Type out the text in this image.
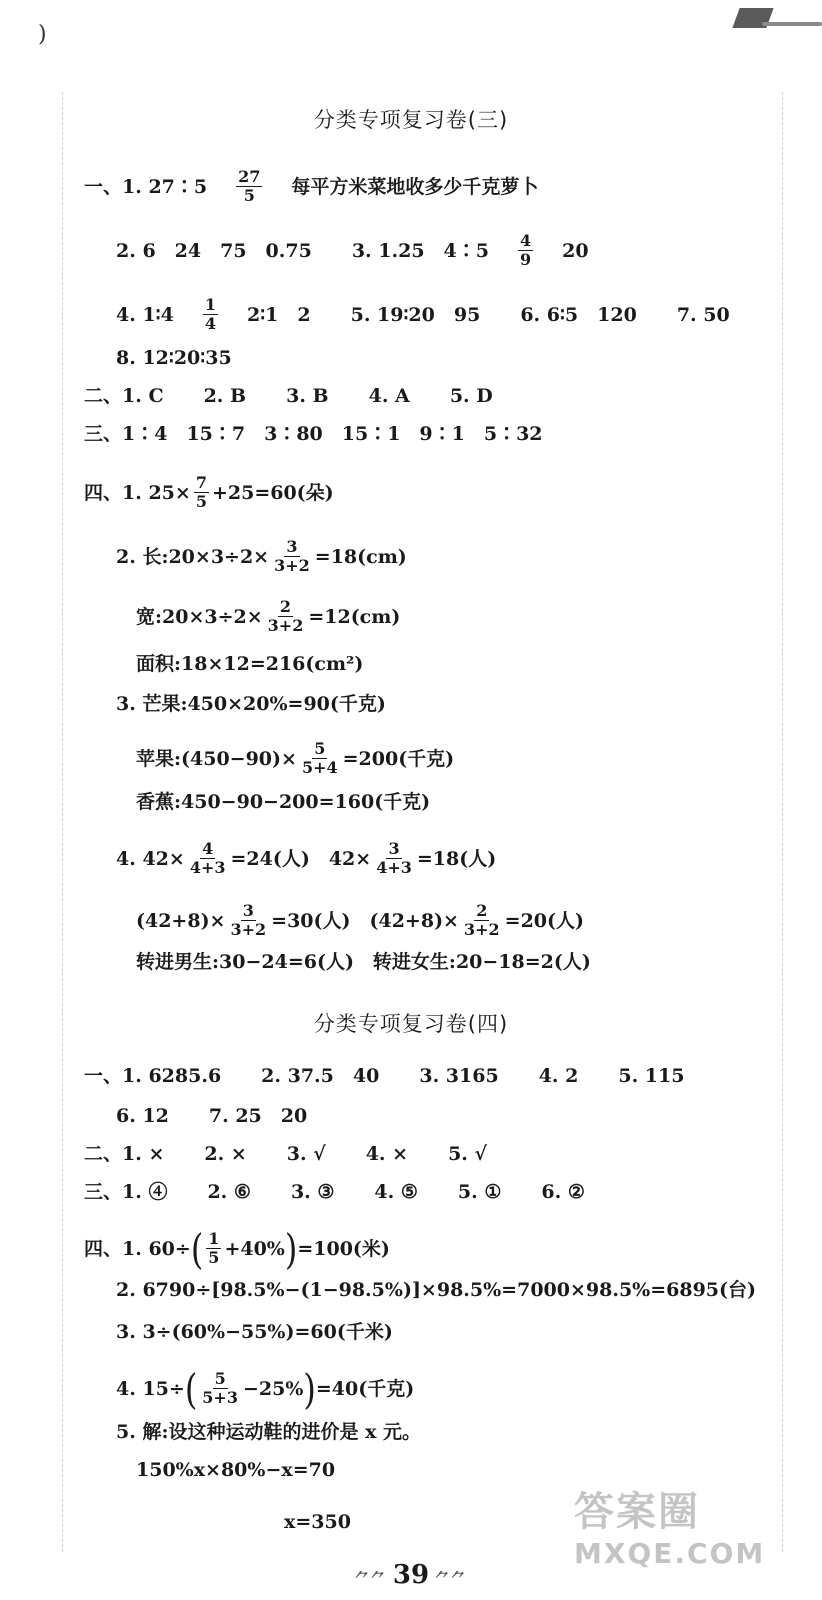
)
分类专项复习卷(三)
一、1. 27∶5 $\frac{27}{5}$ 每平方米菜地收多少千克萝卜
2. 6　24　75　0.75 3. 1.25　4∶5 $\frac{4}{9} 20$
4. 1∶4 $\frac{1}{4}$ 2∶1　2 5. 19∶20　95 6. 6∶5　120 7. 50
8. 12∶20∶35
二、1. C 2. B 3. B 4. A 5. D
三、1∶4　15∶7　3∶80　15∶1　9∶1　5∶32
四、1. $25\times \frac{7}{5} +25=60$(朵)
2. 长:20×3÷2× $\frac{3}{3+2} =18(cm)$
宽:20×3÷2× $\frac{2}{3+2} =12(cm)$
面积:18×12=216(cm²)
3. 芒果:450×20%=90(千克)
苹果:(450−90)× $\frac{5}{5+4} =200$(千克)
香蕉:450−90−200=160(千克)
4. $42\times \frac{4}{4+3} =24$(人)　$42\times \frac{3}{4+3} =18$(人)
$(42+8)\times \frac{3}{3+2} =30$(人)　$(42+8)\times \frac{2}{3+2} =20$(人)
转进男生:30−24=6(人)　转进女生:20−18=2(人)
分类专项复习卷(四)
一、1. 6285.6 2. 37.5　40 3. 3165 4. 2 5. 115
6. 12 7. 25　20
二、1. × 2. × 3. √ 4. × 5. √
三、1. ④ 2. ⑥ 3. ③ 4. ⑤ 5. ① 6. ②
四、1. 60÷ ( $\frac{1}{5} +40\%$ ) =100(米)
2. 6790÷[98.5%−(1−98.5%)]×98.5%=7000×98.5%=6895(台)
3. 3÷(60%−55%)=60(千米)
4. 15÷ ( $\frac{5}{5+3} -25\%$ ) =40(千克)
5. 解:设这种运动鞋的进价是 x 元。
150%x×80%−x=70
x=350	答案圈
MXQE.COM
⺈⺈ 39 ⺈⺈
